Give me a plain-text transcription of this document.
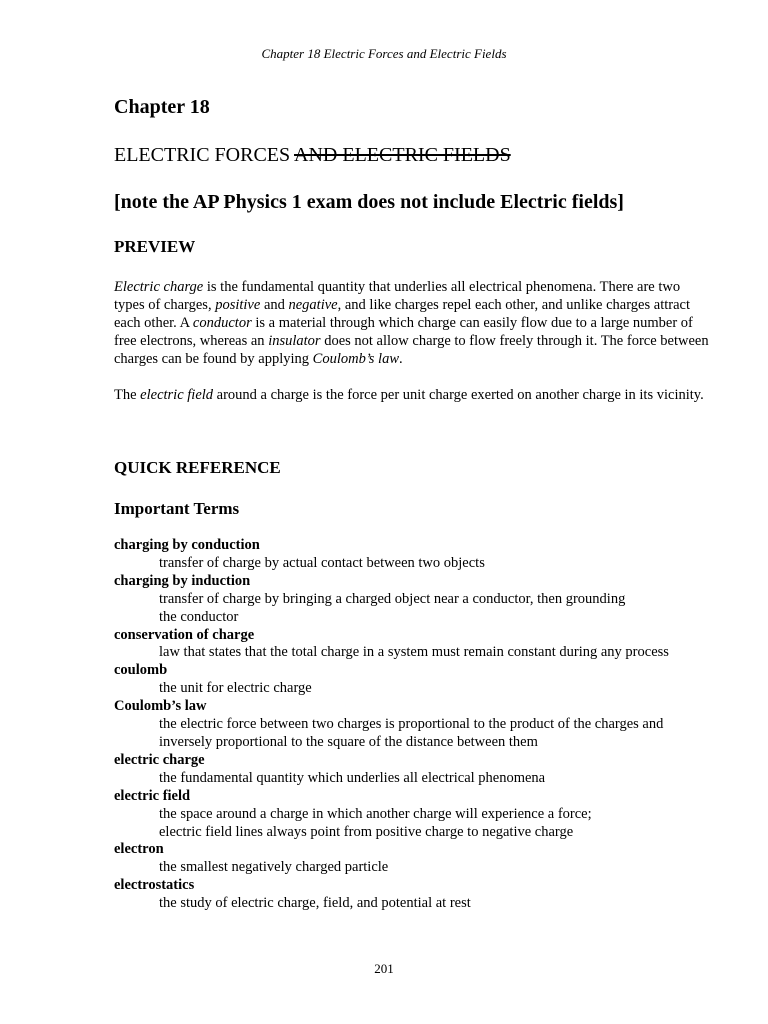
Chapter 18 Electric Forces and Electric Fields
Chapter 18
ELECTRIC FORCES AND ELECTRIC FIELDS
[note the AP Physics 1 exam does not include Electric fields]
PREVIEW

Electric charge is the fundamental quantity that underlies all electrical phenomena. There are two types of charges, positive and negative, and like charges repel each other, and unlike charges attract each other. A conductor is a material through which charge can easily flow due to a large number of free electrons, whereas an insulator does not allow charge to flow freely through it. The force between charges can be found by applying Coulomb’s law.

The electric field around a charge is the force per unit charge exerted on another charge in its vicinity.

QUICK REFERENCE
Important Terms
charging by conduction
transfer of charge by actual contact between two objects
charging by induction
transfer of charge by bringing a charged object near a conductor, then grounding
the conductor
conservation of charge
law that states that the total charge in a system must remain constant during any process
coulomb
the unit for electric charge
Coulomb’s law
the electric force between two charges is proportional to the product of the charges and
inversely proportional to the square of the distance between them
electric charge
the fundamental quantity which underlies all electrical phenomena
electric field
the space around a charge in which another charge will experience a force;
electric field lines always point from positive charge to negative charge
electron
the smallest negatively charged particle
electrostatics
the study of electric charge, field, and potential at rest
201
